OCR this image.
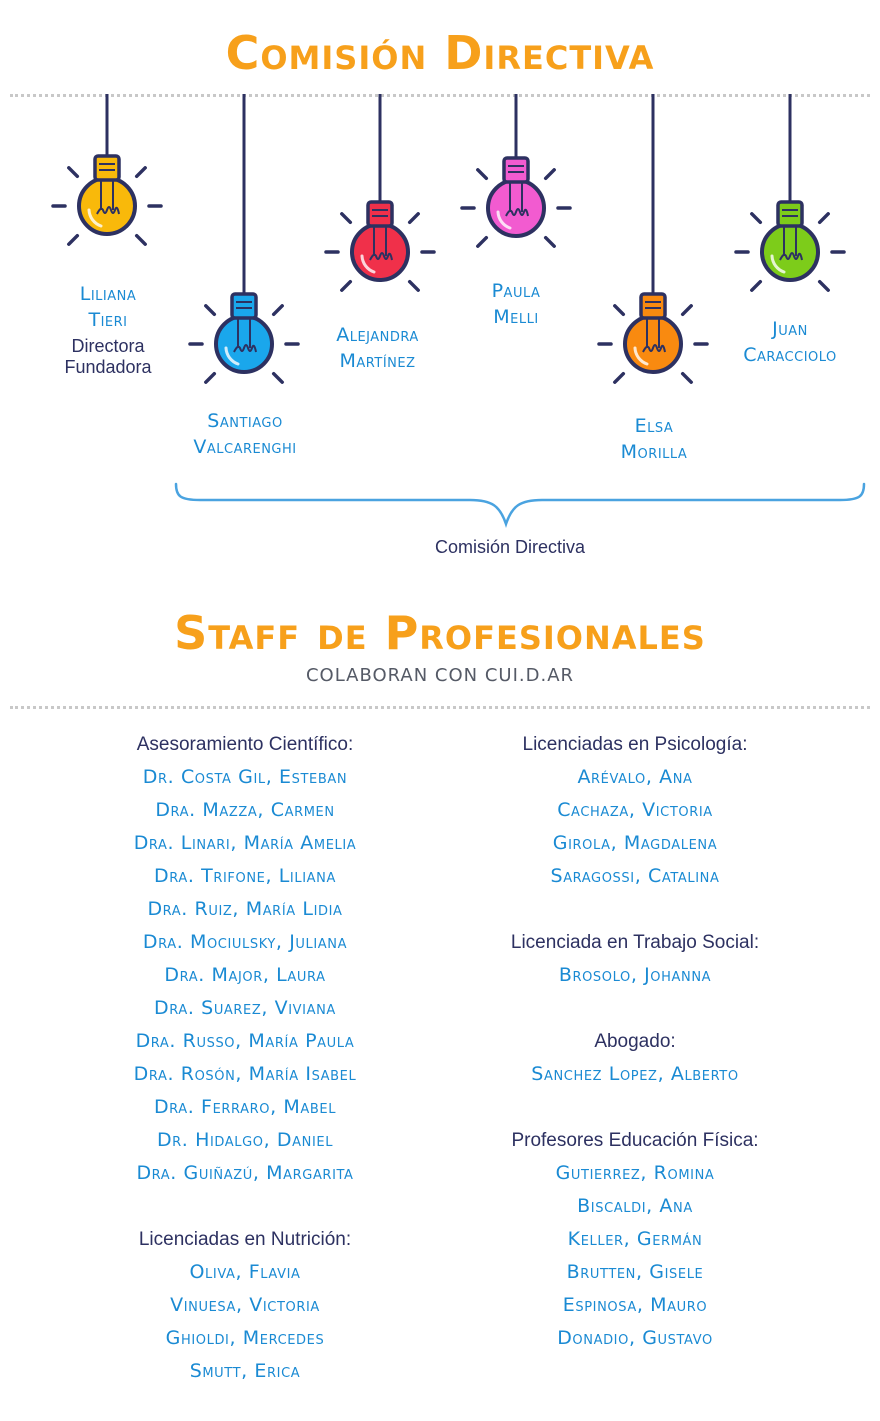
Comisión Directiva
Liliana
Tieri
Directora
Fundadora
Santiago
Valcarenghi
Alejandra
Martínez
Paula
Melli
Elsa
Morilla
Juan
Caracciolo
Comisión Directiva
Staff de Profesionales
COLABORAN CON CUI.D.AR
Asesoramiento Científico:
Dr. Costa Gil, Esteban
Dra. Mazza, Carmen
Dra. Linari, María Amelia
Dra. Trifone, Liliana
Dra. Ruiz, María Lidia
Dra. Mociulsky, Juliana
Dra. Major, Laura
Dra. Suarez, Viviana
Dra. Russo, María Paula
Dra. Rosón, María Isabel
Dra. Ferraro, Mabel
Dr. Hidalgo, Daniel
Dra. Guiñazú, Margarita
Licenciadas en Nutrición:
Oliva, Flavia
Vinuesa, Victoria
Ghioldi, Mercedes
Smutt, Erica
Licenciadas en Psicología:
Arévalo, Ana
Cachaza, Victoria
Girola, Magdalena
Saragossi, Catalina
Licenciada en Trabajo Social:
Brosolo, Johanna
Abogado:
Sanchez Lopez, Alberto
Profesores Educación Física:
Gutierrez, Romina
Biscaldi, Ana
Keller, Germán
Brutten, Gisele
Espinosa, Mauro
Donadio, Gustavo
